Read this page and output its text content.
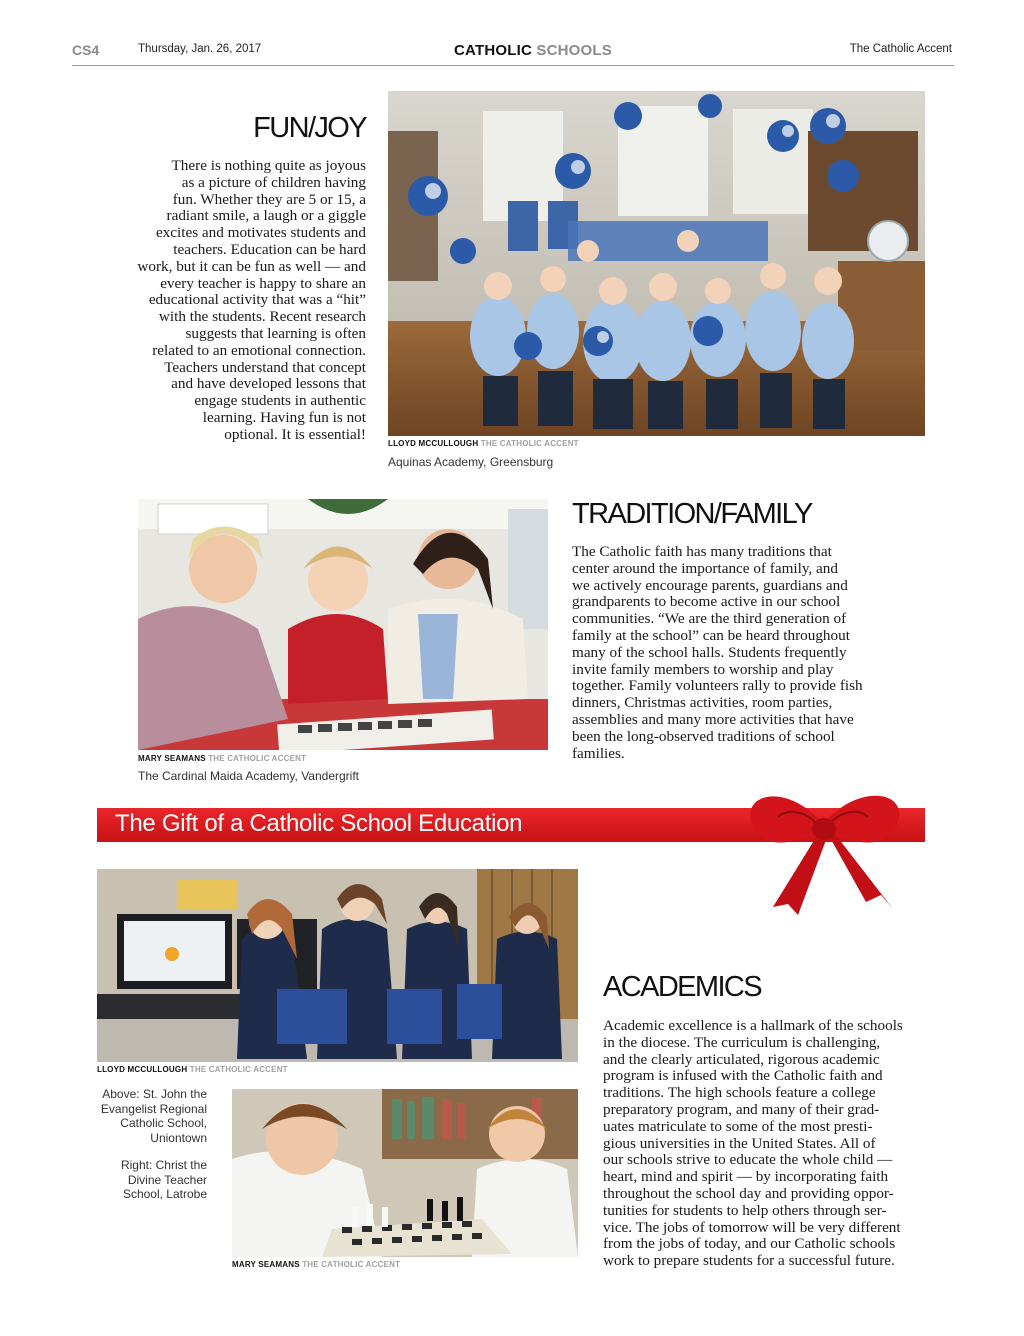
CS4	Thursday, Jan. 26, 2017	CATHOLIC SCHOOLS	The Catholic Accent
FUN/JOY
There is nothing quite as joyous
as a picture of children having
fun. Whether they are 5 or 15, a
radiant smile, a laugh or a giggle
excites and motivates students and
teachers. Education can be hard
work, but it can be fun as well — and
every teacher is happy to share an
educational activity that was a “hit”
with the students. Recent research
suggests that learning is often
related to an emotional connection.
Teachers understand that concept
and have developed lessons that
engage students in authentic
learning. Having fun is not
optional. It is essential!
LLOYD MCCULLOUGH THE CATHOLIC ACCENT
Aquinas Academy, Greensburg
MARY SEAMANS THE CATHOLIC ACCENT
The Cardinal Maida Academy, Vandergrift
TRADITION/FAMILY
The Catholic faith has many traditions that
center around the importance of family, and
we actively encourage parents, guardians and
grandparents to become active in our school
communities. “We are the third generation of
family at the school” can be heard throughout
many of the school halls. Students frequently
invite family members to worship and play
together. Family volunteers rally to provide fish
dinners, Christmas activities, room parties,
assemblies and many more activities that have
been the long-observed traditions of school
families.
The Gift of a Catholic School Education
LLOYD MCCULLOUGH THE CATHOLIC ACCENT
Above: St. John the
Evangelist Regional
Catholic School,
Uniontown
Right: Christ the
Divine Teacher
School, Latrobe
MARY SEAMANS THE CATHOLIC ACCENT
ACADEMICS
Academic excellence is a hallmark of the schools
in the diocese. The curriculum is challenging,
and the clearly articulated, rigorous academic
program is infused with the Catholic faith and
traditions. The high schools feature a college
preparatory program, and many of their grad-
uates matriculate to some of the most presti-
gious universities in the United States. All of
our schools strive to educate the whole child —
heart, mind and spirit — by incorporating faith
throughout the school day and providing oppor-
tunities for students to help others through ser-
vice. The jobs of tomorrow will be very different
from the jobs of today, and our Catholic schools
work to prepare students for a successful future.
